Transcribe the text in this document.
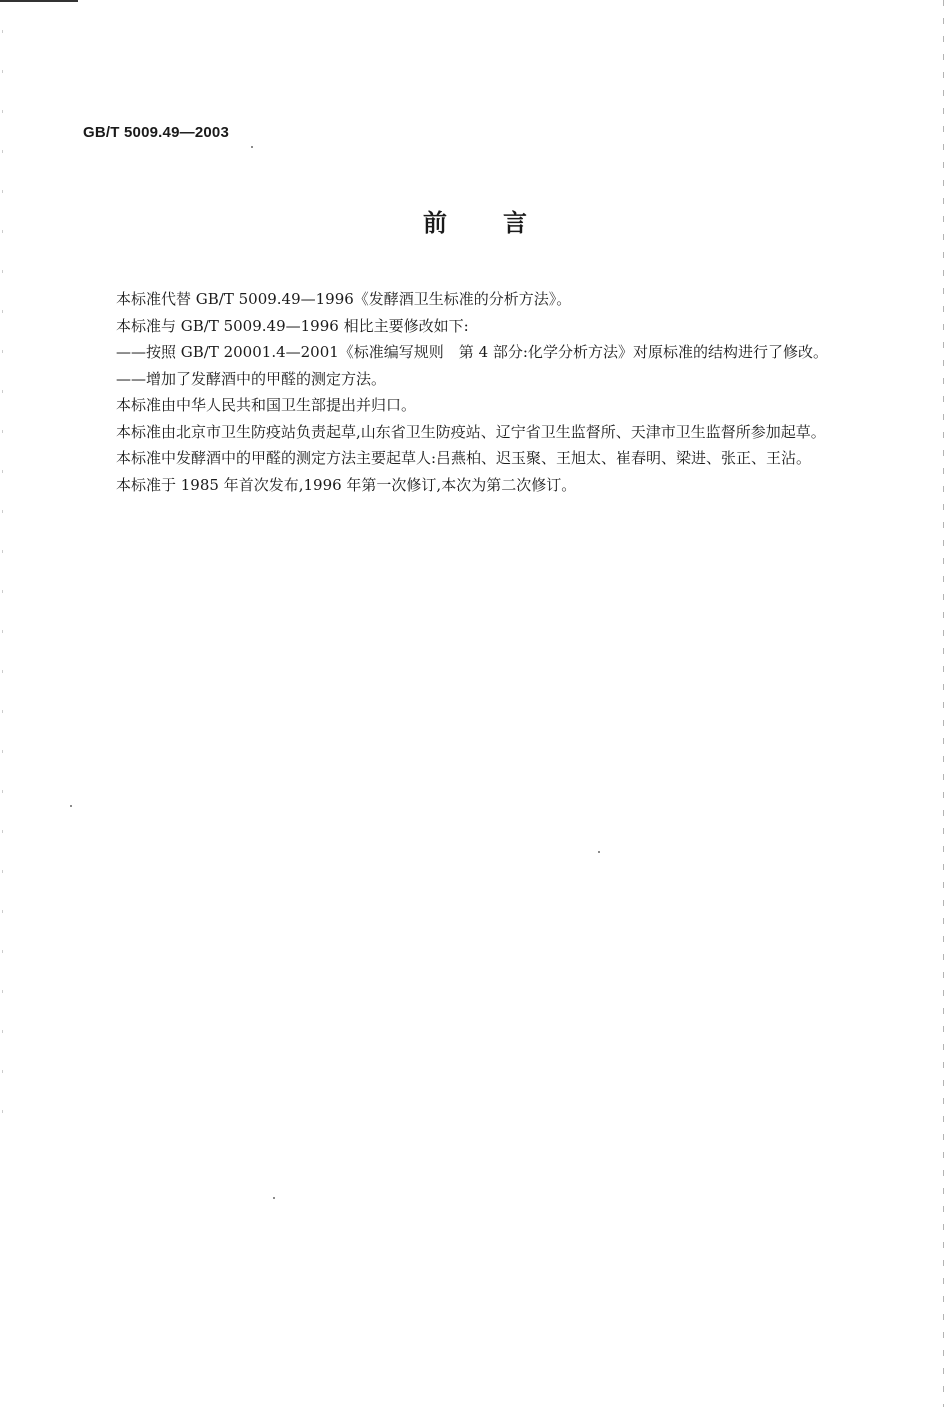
GB/T 5009.49—2003
前言

本标准代替 GB/T 5009.49—1996《发酵酒卫生标准的分析方法》。

本标准与 GB/T 5009.49—1996 相比主要修改如下:

——按照 GB/T 20001.4—2001《标准编写规则　第 4 部分:化学分析方法》对原标准的结构进行了修改。

——增加了发酵酒中的甲醛的测定方法。

本标准由中华人民共和国卫生部提出并归口。

本标准由北京市卫生防疫站负责起草,山东省卫生防疫站、辽宁省卫生监督所、天津市卫生监督所参加起草。

本标准中发酵酒中的甲醛的测定方法主要起草人:吕燕柏、迟玉聚、王旭太、崔春明、梁进、张正、王沾。

本标准于 1985 年首次发布,1996 年第一次修订,本次为第二次修订。
